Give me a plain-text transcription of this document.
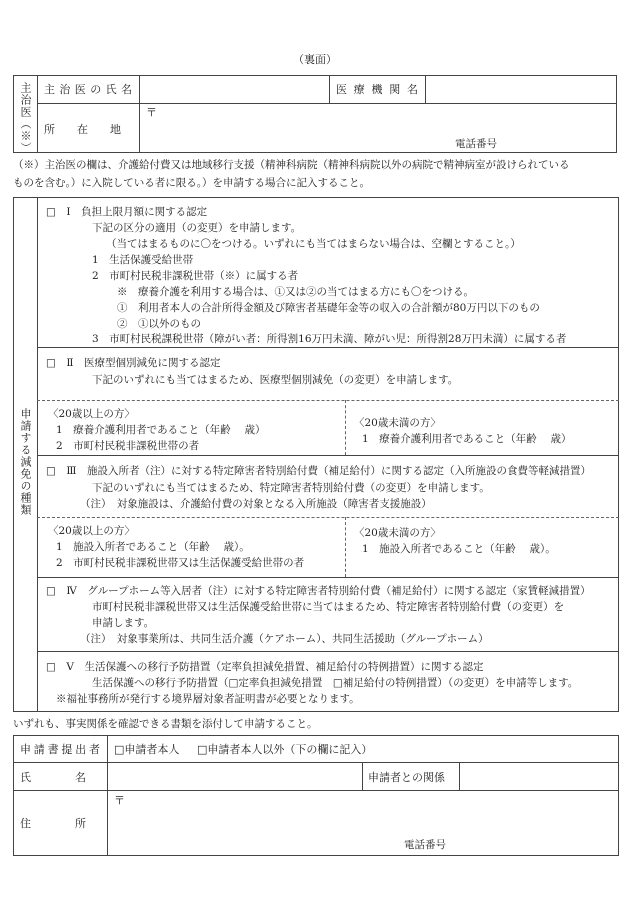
（裏面）
主治医（※） 主治医の氏名	医療機関名
所　　在　　地
〒
電話番号
（※）主治医の欄は、介護給付費又は地域移行支援（精神科病院（精神科病院以外の病院で精神病室が設けられている
ものを含む。）に入院している者に限る。）を申請する場合に記入すること。
申請する減免の種類
□　Ⅰ　負担上限月額に関する認定
下記の区分の適用（の変更）を申請します。
（当てはまるものに〇をつける。いずれにも当てはまらない場合は、空欄とすること。）
1　生活保護受給世帯
2　市町村民税非課税世帯（※）に属する者
※　療養介護を利用する場合は、①又は②の当てはまる方にも〇をつける。
①　利用者本人の合計所得金額及び障害者基礎年金等の収入の合計額が80万円以下のもの
②　①以外のもの
3　市町村民税課税世帯（障がい者：所得割16万円未満、障がい児：所得割28万円未満）に属する者
□　Ⅱ　医療型個別減免に関する認定
下記のいずれにも当てはまるため、医療型個別減免（の変更）を申請します。
〈20歳以上の方〉
1　療養介護利用者であること（年齢　 歳）
2　市町村民税非課税世帯の者
〈20歳未満の方〉
1　療養介護利用者であること（年齢　 歳）
□　Ⅲ　施設入所者（注）に対する特定障害者特別給付費（補足給付）に関する認定（入所施設の食費等軽減措置）
下記のいずれにも当てはまるため、特定障害者特別給付費（の変更）を申請します。
（注）　対象施設は、介護給付費の対象となる入所施設（障害者支援施設）
〈20歳以上の方〉
1　施設入所者であること（年齢　 歳）。
2　市町村民税非課税世帯又は生活保護受給世帯の者
〈20歳未満の方〉
1　施設入所者であること（年齢　 歳）。
□　Ⅳ　グループホーム等入居者（注）に対する特定障害者特別給付費（補足給付）に関する認定（家賃軽減措置）
市町村民税非課税世帯又は生活保護受給世帯に当てはまるため、特定障害者特別給付費（の変更）を
申請します。
（注）　対象事業所は、共同生活介護（ケアホーム）、共同生活援助（グループホーム）
□　Ⅴ　生活保護への移行予防措置（定率負担減免措置、補足給付の特例措置）に関する認定
生活保護への移行予防措置（□定率負担減免措置　□補足給付の特例措置）（の変更）を申請等します。
※福祉事務所が発行する境界層対象者証明書が必要となります。
いずれも、事実関係を確認できる書類を添付して申請すること。
申請書提出者 □申請者本人 □申請者本人以外（下の欄に記入）
氏　　　　名	申請者との関係
住　　　　所
〒
電話番号
